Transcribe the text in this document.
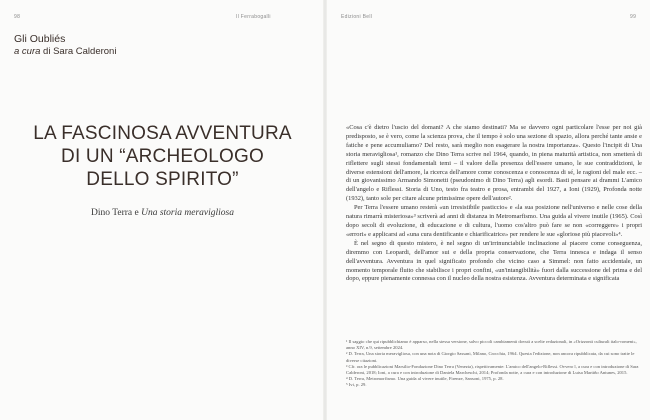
98	Il Ferrabogalli
Gli Oubliés
a cura di Sara Calderoni
LA FASCINOSA AVVENTURA
DI UN “ARCHEOLOGO
DELLO SPIRITO”
Dino Terra e Una storia meravigliosa
Edizioni Bell	99

«Cosa c'è dietro l'uscio del domani? A che siamo destinati? Ma se davvero ogni particolare l'esse per noi già predisposto, se è vero, come la scienza prova, che il tempo è solo una sezione di spazio, allora perché tante ansie e fatiche e pene accumuliamo? Del resto, sarà meglio non esagerare la nostra importanza». Questo l'incipit di Una storia meravigliosa¹, romanzo che Dino Terra scrive nel 1964, quando, in piena maturità artistica, non smetterà di riflettere sugli stessi fondamentali temi – il valore della presenza dell'essere umano, le sue contraddizioni, le diverse estensioni dell'amore, la ricerca dell'amore come conoscenza e conoscenza di sé, le ragioni del male ecc. – di un giovanissimo Armando Simonetti (pseudonimo di Dino Terra) agli esordi. Basti pensare ai drammi L'amico dell'angelo e Riflessi. Storia di Uno, testo fra teatro e prosa, entrambi del 1927, a Ioni (1929), Profonda notte (1932), tanto sole per citare alcune primissime opere dell'autore².

Per Terra l'essere umano resterà «un irresistibile pasticcio» e «la sua posizione nell'universo e nelle cose della natura rimarrà misteriosa»³ scriverà ad anni di distanza in Metromarfismo. Una guida al vivere inutile (1965). Così dopo secoli di evoluzione, di educazione e di cultura, l'uomo cos'altro può fare se non «correggere» i propri «errori» e applicarsi ad «una cura dentificante e chiarificatrice» per rendere le sue «gloriose più piacevoli»⁴.

È nel segno di questo mistero, è nel segno di un'irrinunciabile inclinazione al piacere come conseguenza, diremmo con Leopardi, dell'amor sui e della propria conservazione, che Terra innesca e indaga il senso dell'avventura. Avventura in quel significato profondo che vicino caso a Simmel: non fatto accidentale, un momento temporale fluito che stabilisce i propri confini, «un'intangibilità» fuori dalla successione del prima e del dopo, eppure pienamente connessa con il nucleo della nostra esistenza. Avventura determinata e significata

¹ Il saggio che qui ripubblichiamo è apparso, nella stessa versione, salvo piccoli cambiamenti dovuti a scelte redazionali, in «Orizzonti culturali italo-romeni», anno XIV, n.9, settembre 2024.

² D. Terra, Una storia meravigliosa, con una nota di Giorgio Sassani, Milano, Crocchia, 1964. Questa l'edizione, non ancora ripubblicata, da cui sono tratte le diverse citazioni.

³ Cfr. ora le pubblicazioni Marsilio-Fondazione Dino Terra (Venezia), rispettivamente: L'amico dell'angelo-Riflessi. Ovvero l, a cura e con introduzione di Sara Calderoni, 2018; Ioni, a cura e con introduzione di Daniela Marcheschi, 2014; Profonda notte, a cura e con introduzione di Luisa Martiño Antunes, 2015.

⁴ D. Terra, Metromorfismo. Una guida al vivere inutile, Firenze, Sansoni, 1975, p. 28.

⁵ Ivi, p. 29.
